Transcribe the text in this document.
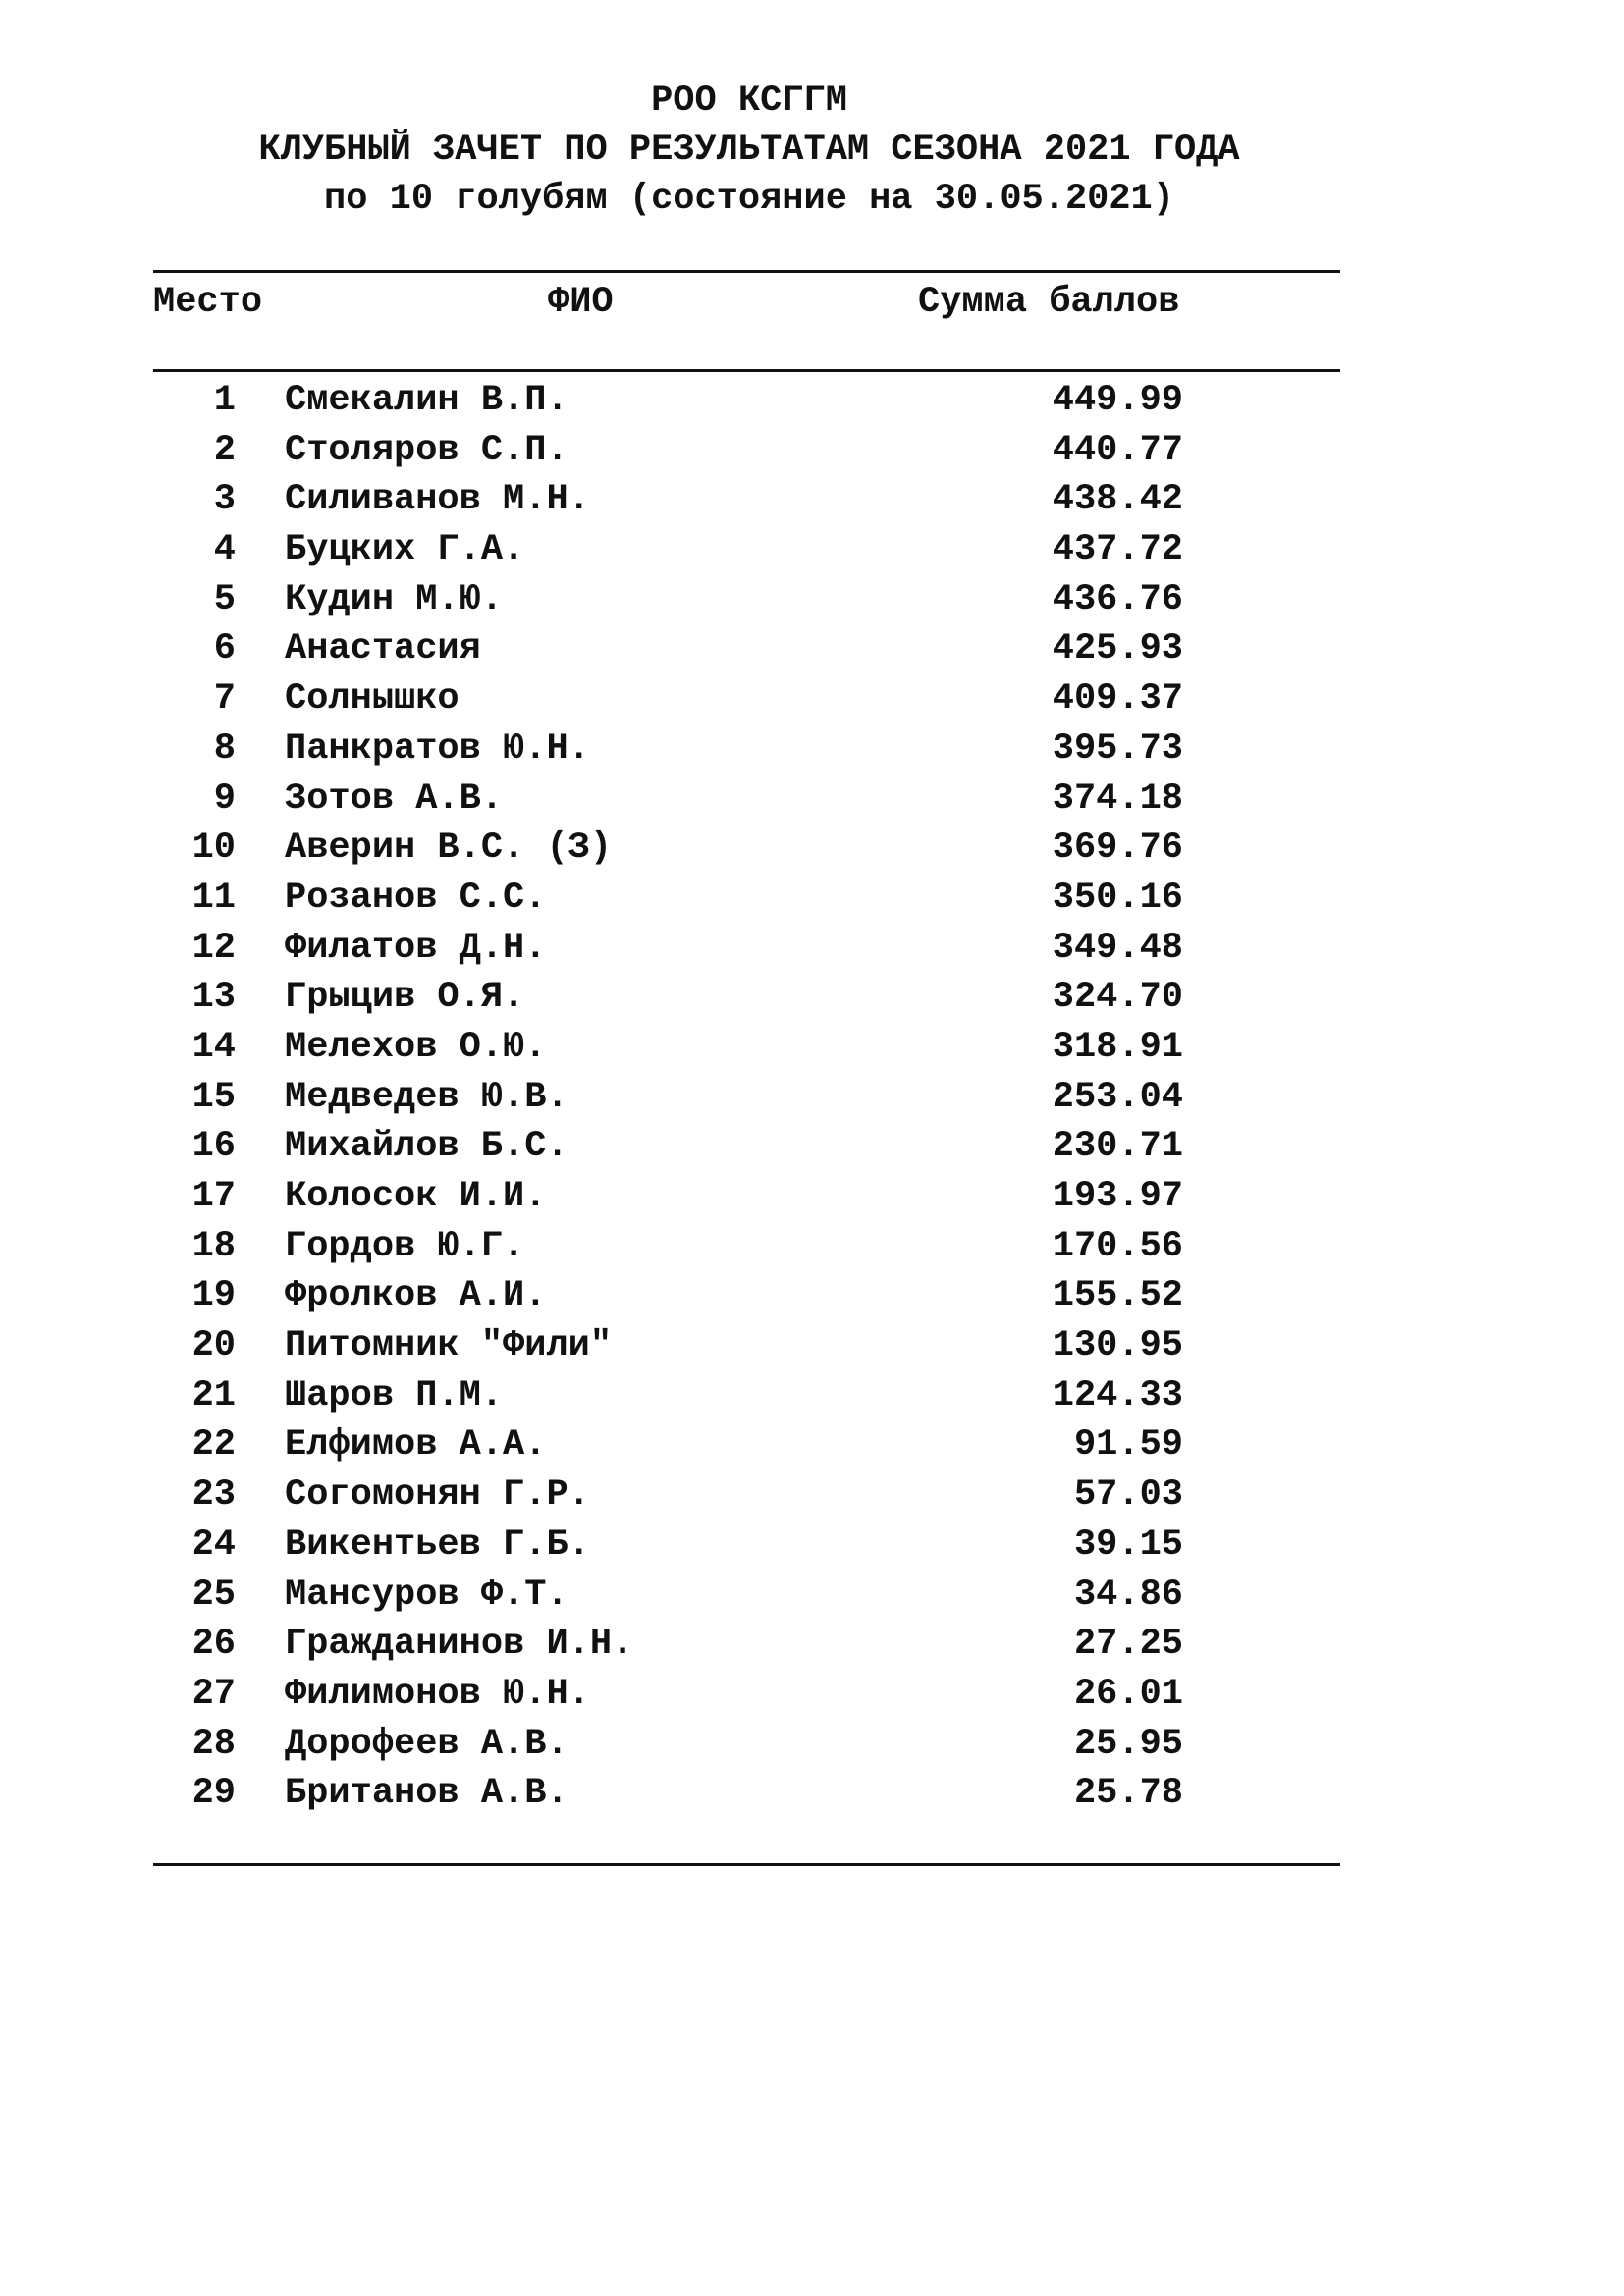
РОО КСГГМ
КЛУБНЫЙ ЗАЧЕТ ПО РЕЗУЛЬТАТАМ СЕЗОНА 2021 ГОДА
по 10 голубям (состояние на 30.05.2021)
Место	ФИО	Сумма баллов
1 Смекалин В.П.	449.99
2 Столяров С.П.	440.77
3 Силиванов М.Н.	438.42
4 Буцких Г.А.	437.72
5 Кудин М.Ю.	436.76
6 Анастасия	425.93
7 Солнышко	409.37
8 Панкратов Ю.Н.	395.73
9 Зотов А.В.	374.18
10 Аверин В.С. (З)	369.76
11 Розанов С.С.	350.16
12 Филатов Д.Н.	349.48
13 Грыцив О.Я.	324.70
14 Мелехов О.Ю.	318.91
15 Медведев Ю.В.	253.04
16 Михайлов Б.С.	230.71
17 Колосок И.И.	193.97
18 Гордов Ю.Г.	170.56
19 Фролков А.И.	155.52
20 Питомник "Фили"	130.95
21 Шаров П.М.	124.33
22 Елфимов А.А.	91.59
23 Согомонян Г.Р.	57.03
24 Викентьев Г.Б.	39.15
25 Мансуров Ф.Т.	34.86
26 Гражданинов И.Н.	27.25
27 Филимонов Ю.Н.	26.01
28 Дорофеев А.В.	25.95
29 Британов А.В.	25.78
